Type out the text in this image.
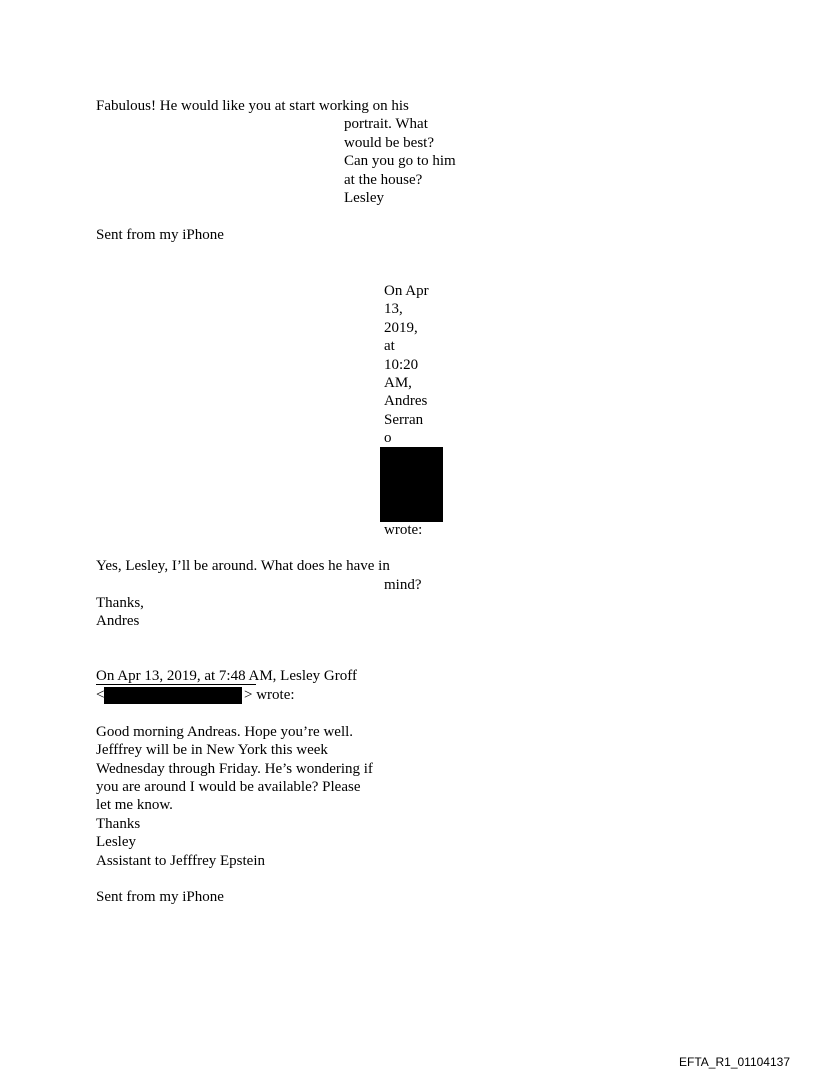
Fabulous! He would like you at start working on his
portrait. What
would be best?
Can you go to him
at the house?
Lesley
Sent from my iPhone
On Apr
13,
2019,
at
10:20
AM,
Andres
Serran
o
wrote:
Yes, Lesley, I’ll be around. What does he have in
mind?
Thanks,
Andres
On Apr 13, 2019, at 7:48 AM, Lesley Groff
<	> wrote:
Good morning Andreas. Hope you’re well.
Jefffrey will be in New York this week
Wednesday through Friday. He’s wondering if
you are around I would be available? Please
let me know.
Thanks
Lesley
Assistant to Jefffrey Epstein
Sent from my iPhone
EFTA_R1_01104137
